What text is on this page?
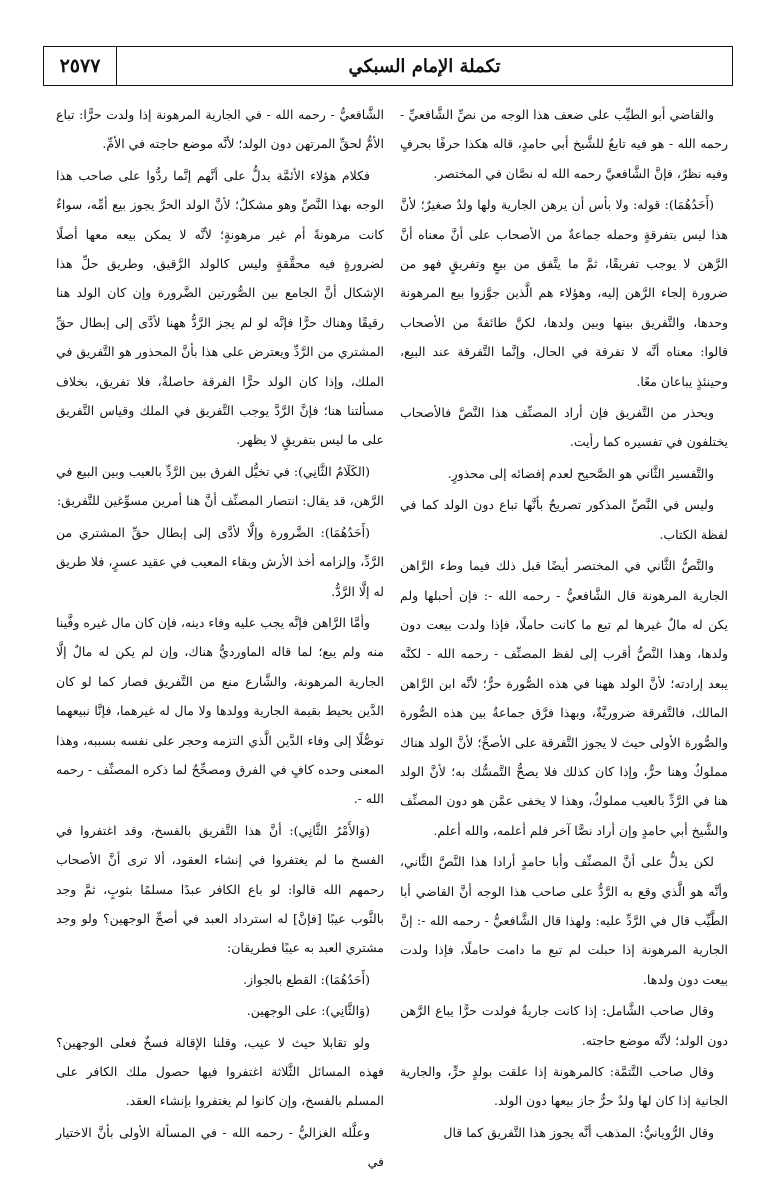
٢٥٧٧	تكملة الإمام السبكي

والقاضي أبو الطيِّب على ضعف هذا الوجه من نصِّ الشَّافعيِّ - رحمه الله - هو فيه تابعٌ للشَّيخ أبي حامدٍ، قاله هكذا حرفًا بحرفٍ وفيه نظرٌ، فإنَّ الشَّافعيَّ رحمه الله له نصَّان في المختصر.

(أَحَدُهُمَا): قوله: ولا بأس أن يرهن الجارية ولها ولدٌ صغيرٌ؛ لأنَّ هذا ليس بتفرقةٍ وحمله جماعةٌ من الأصحاب على أنَّ معناه أنَّ الرَّهن لا يوجب تفريقًا، ثمَّ ما يتَّفق من بيعٍ وتفريقٍ فهو من ضرورة إلجاء الرَّهن إليه، وهؤلاء هم الَّذين جوَّزوا بيع المرهونة وحدها، والتَّفريق بينها وبين ولدها، لكنَّ طائفةً من الأصحاب قالوا: معناه أنَّه لا تفرقة في الحال، وإنَّما التَّفرقة عند البيع، وحينئذٍ يباعان معًا.

ويحذر من التَّفريق فإن أراد المصنِّف هذا النَّصَّ فالأصحاب يختلفون في تفسيره كما رأيت.

والتَّفسير الثَّاني هو الصَّحيح لعدم إفضائه إلى محذورٍ.

وليس في النَّصِّ المذكور تصريحٌ بأنَّها تباع دون الولد كما في لفظة الكتاب.

والنَّصُّ الثَّاني في المختصر أيضًا قبل ذلك فيما وطء الرَّاهن الجارية المرهونة قال الشَّافعيُّ - رحمه الله -: فإن أحبلها ولم يكن له مالٌ غيرها لم تبع ما كانت حاملًا، فإذا ولدت بيعت دون ولدها، وهذا النَّصُّ أقرب إلى لفظ المصنِّف - رحمه الله - لكنَّه يبعد إرادته؛ لأنَّ الولد ههنا في هذه الصُّورة حرٌّ؛ لأنَّه ابن الرَّاهن المالك، فالتَّفرقة ضروريَّةٌ، وبهذا فرَّق جماعةٌ بين هذه الصُّورة والصُّورة الأولى حيث لا يجوز التَّفرقة على الأصحِّ؛ لأنَّ الولد هناك مملوكٌ وهنا حرٌّ، وإذا كان كذلك فلا يصحُّ التَّمسُّك به؛ لأنَّ الولد هنا في الرَّدِّ بالعيب مملوكٌ، وهذا لا يخفى عمَّن هو دون المصنِّف والشَّيخ أبي حامدٍ وإن أراد نصًّا آخر فلم أعلمه، والله أعلم.

لكن يدلُّ على أنَّ المصنِّف وأبا حامدٍ أرادا هذا النَّصَّ الثَّاني، وأنَّه هو الَّذي وقع به الرَّدُّ على صاحب هذا الوجه أنَّ القاضي أبا الطَّيِّب قال في الرَّدِّ عليه: ولهذا قال الشَّافعيُّ - رحمه الله -: إنَّ الجارية المرهونة إذا حبلت لم تبع ما دامت حاملًا، فإذا ولدت بيعت دون ولدها.

وقال صاحب الشَّامل: إذا كانت جاريةٌ فولدت حرًّا يباع الرَّهن دون الولد؛ لأنَّه موضع حاجته.

وقال صاحب التَّتمَّة: كالمرهونة إذا علقت بولدٍ حرٍّ، والجارية الجانية إذا كان لها ولدٌ حرٌّ جاز بيعها دون الولد.

وقال الرُّويانيُّ: المذهب أنَّه يجوز هذا التَّفريق كما قال

الشَّافعيُّ - رحمه الله - في الجارية المرهونة إذا ولدت حرًّا: تباع الأمُّ لحقِّ المرتهن دون الولد؛ لأنَّه موضع حاجته في الأمِّ.

فكلام هؤلاء الأئمَّة يدلُّ على أنَّهم إنَّما ردُّوا على صاحب هذا الوجه بهذا النَّصِّ وهو مشكلٌ؛ لأنَّ الولد الحرَّ يجوز بيع أمِّه، سواءٌ كانت مرهونةً أم غير مرهونةٍ؛ لأنَّه لا يمكن بيعه معها أصلًا لضرورةٍ فيه محقَّقةٍ وليس كالولد الرَّقيق، وطريق حلِّ هذا الإشكال أنَّ الجامع بين الصُّورتين الضَّرورة وإن كان الولد هنا رقيقًا وهناك حرًّا فإنَّه لو لم يجز الرَّدُّ ههنا لأدَّى إلى إبطال حقِّ المشتري من الرَّدِّ ويعترض على هذا بأنَّ المحذور هو التَّفريق في الملك، وإذا كان الولد حرًّا الفرقة حاصلةٌ، فلا تفريق، بخلاف مسألتنا هنا؛ فإنَّ الرَّدَّ يوجب التَّفريق في الملك وقياس التَّفريق على ما ليس بتفريقٍ لا يظهر.

(الكَلَامُ الثَّانِي): في تخيُّل الفرق بين الرَّدِّ بالعيب وبين البيع في الرَّهن، قد يقال: انتصار المصنِّف أنَّ هنا أمرين مسوِّغين للتَّفريق:

(أَحَدُهُمَا): الضَّرورة وإلَّا لأدَّى إلى إبطال حقِّ المشتري من الرَّدِّ، وإلزامه أخذ الأرش وبقاء المعيب في عقيد عسرٍ، فلا طريق له إلَّا الرَّدُّ.

وأمَّا الرَّاهن فإنَّه يجب عليه وفاء دينه، فإن كان مال غيره وفَّينا منه ولم يبع؛ لما قاله الماورديُّ هناك، وإن لم يكن له مالٌ إلَّا الجارية المرهونة، والشَّارع منع من التَّفريق فصار كما لو كان الدَّين يحيط بقيمة الجارية وولدها ولا مال له غيرهما، فإنَّا نبيعهما توصُّلًا إلى وفاء الدَّين الَّذي التزمه وحجر على نفسه بسببه، وهذا المعنى وحده كافٍ في الفرق ومصحِّحٌ لما ذكره المصنِّف - رحمه الله -.

(وَالأَمْرُ الثَّانِي): أنَّ هذا التَّفريق بالفسخ، وقد اغتفروا في الفسخ ما لم يغتفروا في إنشاء العقود، ألا ترى أنَّ الأصحاب رحمهم الله قالوا: لو باع الكافر عبدًا مسلمًا بثوبٍ، ثمَّ وجد بالثَّوب عيبًا [فإنَّ] له استرداد العبد في أصحِّ الوجهين؟ ولو وجد مشتري العبد به عيبًا فطريقان:

(أَحَدُهُمَا): القطع بالجواز.

(وَالثَّانِي): على الوجهين.

ولو تقابلا حيث لا عيب، وقلنا الإقالة فسخٌ فعلى الوجهين؟ فهذه المسائل الثَّلاثة اغتفروا فيها حصول ملك الكافر على المسلم بالفسخ، وإن كانوا لم يغتفروا بإنشاء العقد.

وعلَّله الغزاليُّ - رحمه الله - في المسألة الأولى بأنَّ الاختيار في
